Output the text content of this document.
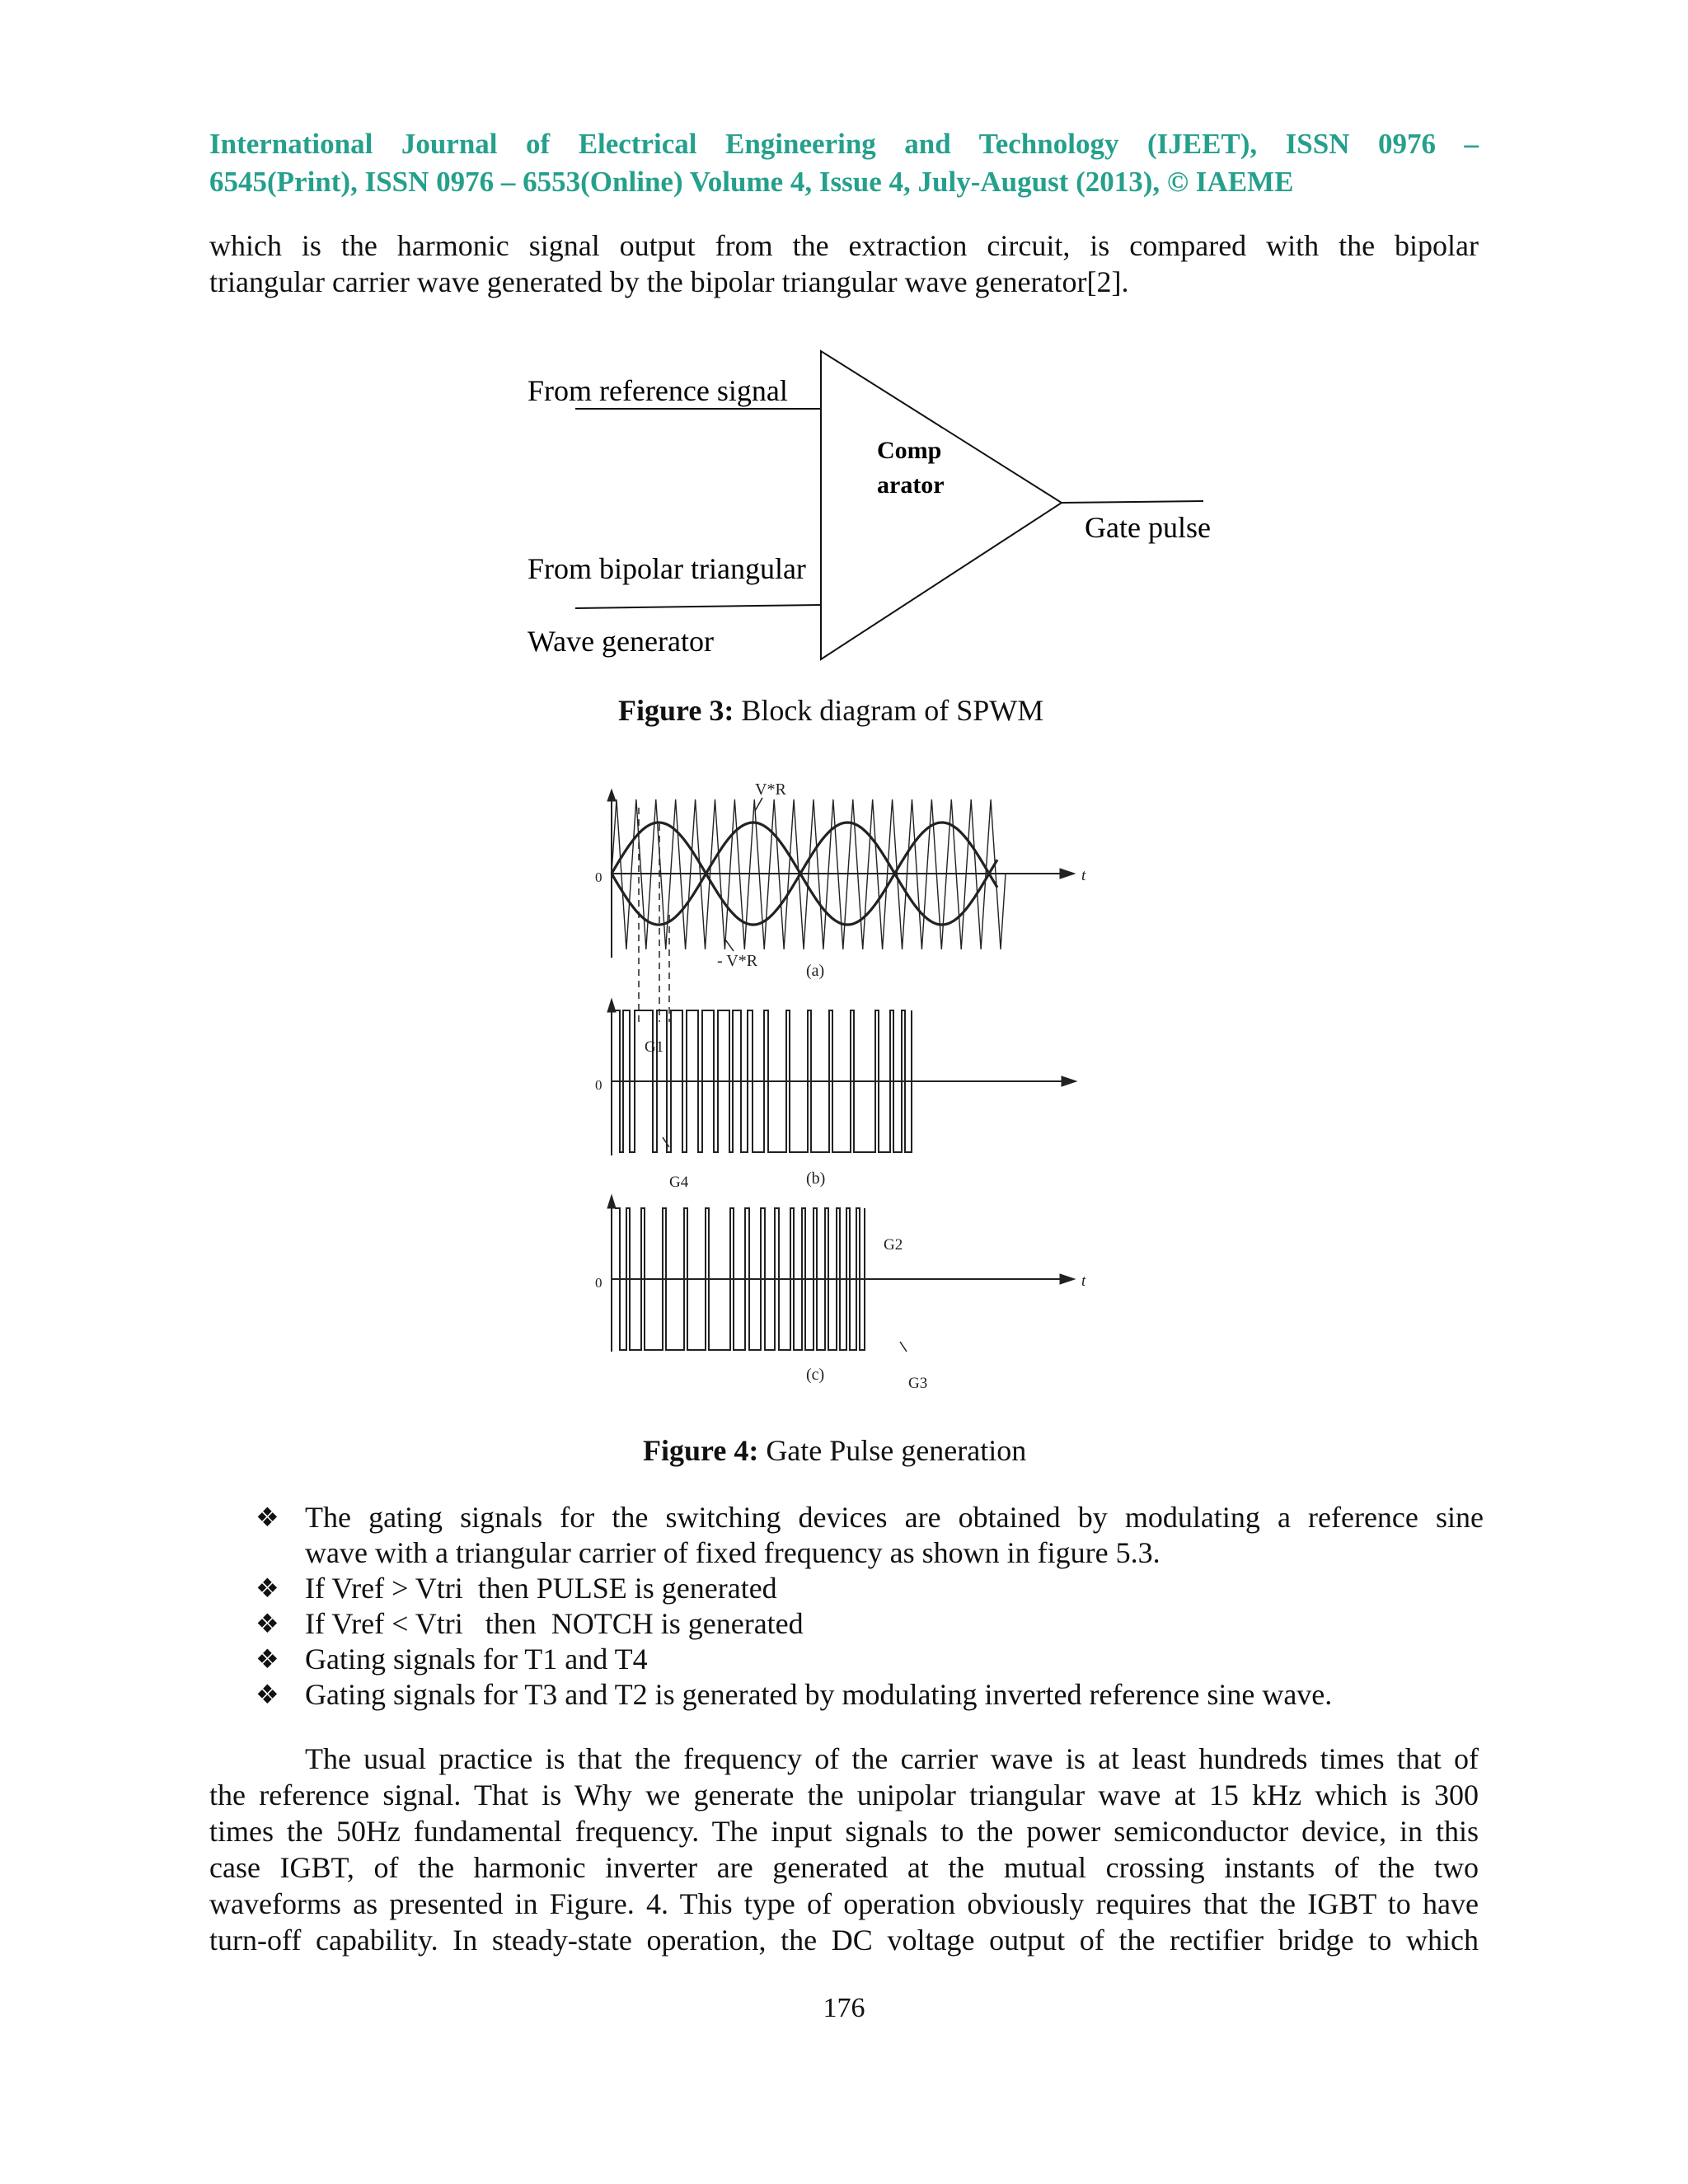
International Journal of Electrical Engineering and Technology (IJEET), ISSN 0976 –
6545(Print), ISSN 0976 – 6553(Online) Volume 4, Issue 4, July-August (2013), © IAEME
which is the harmonic signal output from the extraction circuit, is compared with the bipolar
triangular carrier wave generated by the bipolar triangular wave generator[2].
From reference signal
From bipolar triangular
Wave generator
Comp
arator
Gate pulse
Figure 3: Block diagram of SPWM
V*R
- V*R
(a)
(b)
(c)
G1
G4
G2
G3
0
0
0
t
t
Figure 4: Gate Pulse generation
❖ The gating signals for the switching devices are obtained by modulating a reference sine
wave with a triangular carrier of fixed frequency as shown in figure 5.3.
❖ If Vref > Vtri  then PULSE is generated
❖ If Vref < Vtri   then  NOTCH is generated
❖ Gating signals for T1 and T4
❖ Gating signals for T3 and T2 is generated by modulating inverted reference sine wave.
The usual practice is that the frequency of the carrier wave is at least hundreds times that of
the reference signal. That is Why we generate the unipolar triangular wave at 15 kHz which is 300
times the 50Hz fundamental frequency. The input signals to the power semiconductor device, in this
case IGBT, of the harmonic inverter are generated at the mutual crossing instants of the two
waveforms as presented in Figure. 4. This type of operation obviously requires that the IGBT to have
turn-off capability. In steady-state operation, the DC voltage output of the rectifier bridge to which
176
